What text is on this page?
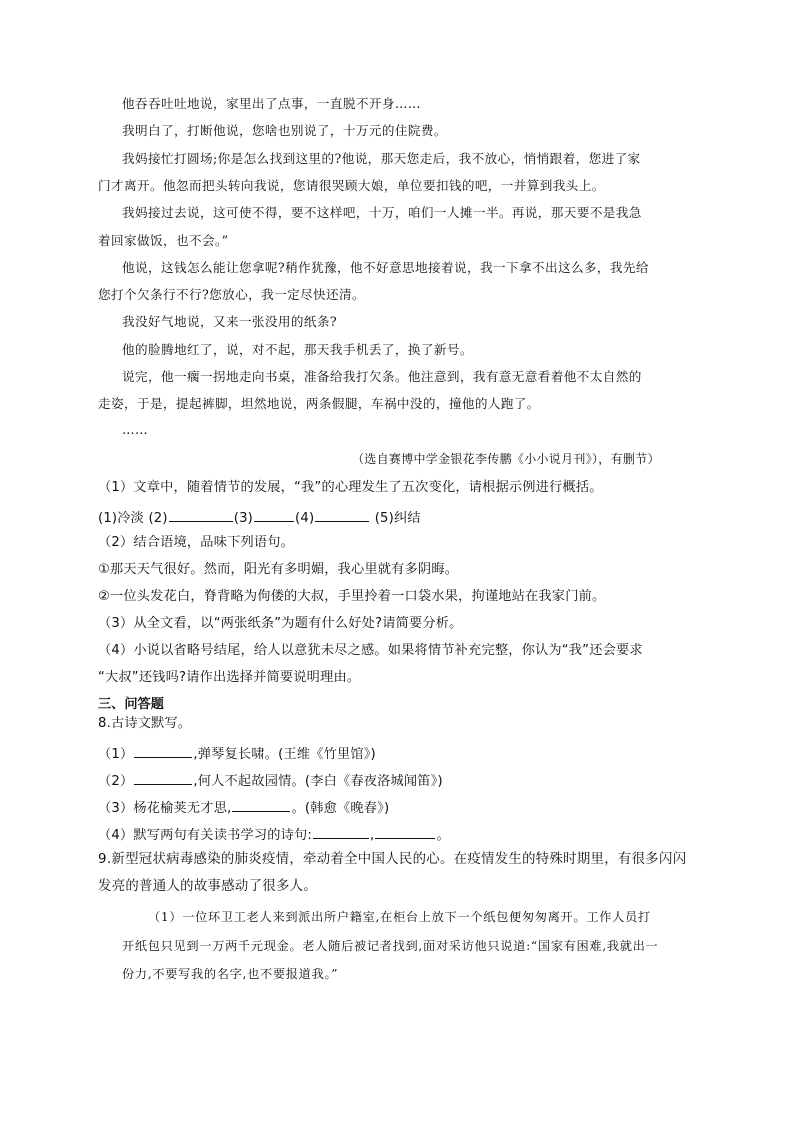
他吞吞吐吐地说，家里出了点事，一直脱不开身……
我明白了，打断他说，您啥也别说了，十万元的住院费。
我妈接忙打圆场;你是怎么找到这里的?他说，那天您走后，我不放心，悄悄跟着，您进了家
门才离开。他忽而把头转向我说，您请很哭顾大娘，单位要扣钱的吧，一并算到我头上。
我妈接过去说，这可使不得，要不这样吧，十万，咱们一人摊一半。再说，那天要不是我急
着回家做饭，也不会。”
他说，这钱怎么能让您拿呢?稍作犹豫，他不好意思地接着说，我一下拿不出这么多，我先给
您打个欠条行不行?您放心，我一定尽快还清。
我没好气地说，又来一张没用的纸条?
他的脸腾地红了，说，对不起，那天我手机丢了，换了新号。
说完，他一瘸一拐地走向书桌，准备给我打欠条。他注意到，我有意无意看着他不太自然的
走姿，于是，提起裤脚，坦然地说，两条假腿，车祸中没的，撞他的人跑了。
……
（选自赛博中学金银花李传鹏《小小说月刊》），有删节）
（1）文章中，随着情节的发展，“我”的心理发生了五次变化，请根据示例进行概括。
(1)冷淡 (2)	(3)	(4)	(5)纠结
（2）结合语境，品味下列语句。
①那天天气很好。然而，阳光有多明媚，我心里就有多阴晦。
②一位头发花白，脊背略为佝偻的大叔，手里拎着一口袋水果，拘谨地站在我家门前。
（3）从全文看，以“两张纸条”为题有什么好处?请简要分析。
（4）小说以省略号结尾，给人以意犹未尽之感。如果将情节补充完整，你认为“我”还会要求
“大叔”还钱吗?请作出选择并简要说明理由。
三、问答题
8.古诗文默写。
（1）	,弹琴复长啸。(王维《竹里馆》)
（2）	,何人不起故园情。(李白《春夜洛城闻笛》)
（3）杨花榆荚无才思,	。(韩愈《晚春》)
（4）默写两句有关读书学习的诗句:	,	。
9.新型冠状病毒感染的肺炎疫情，牵动着全中国人民的心。在疫情发生的特殊时期里，有很多闪闪
发亮的普通人的故事感动了很多人。
（1）一位环卫工老人来到派出所户籍室,在柜台上放下一个纸包便匆匆离开。工作人员打
开纸包只见到一万两千元现金。老人随后被记者找到,面对采访他只说道:“国家有困难,我就出一
份力,不要写我的名字,也不要报道我。”
